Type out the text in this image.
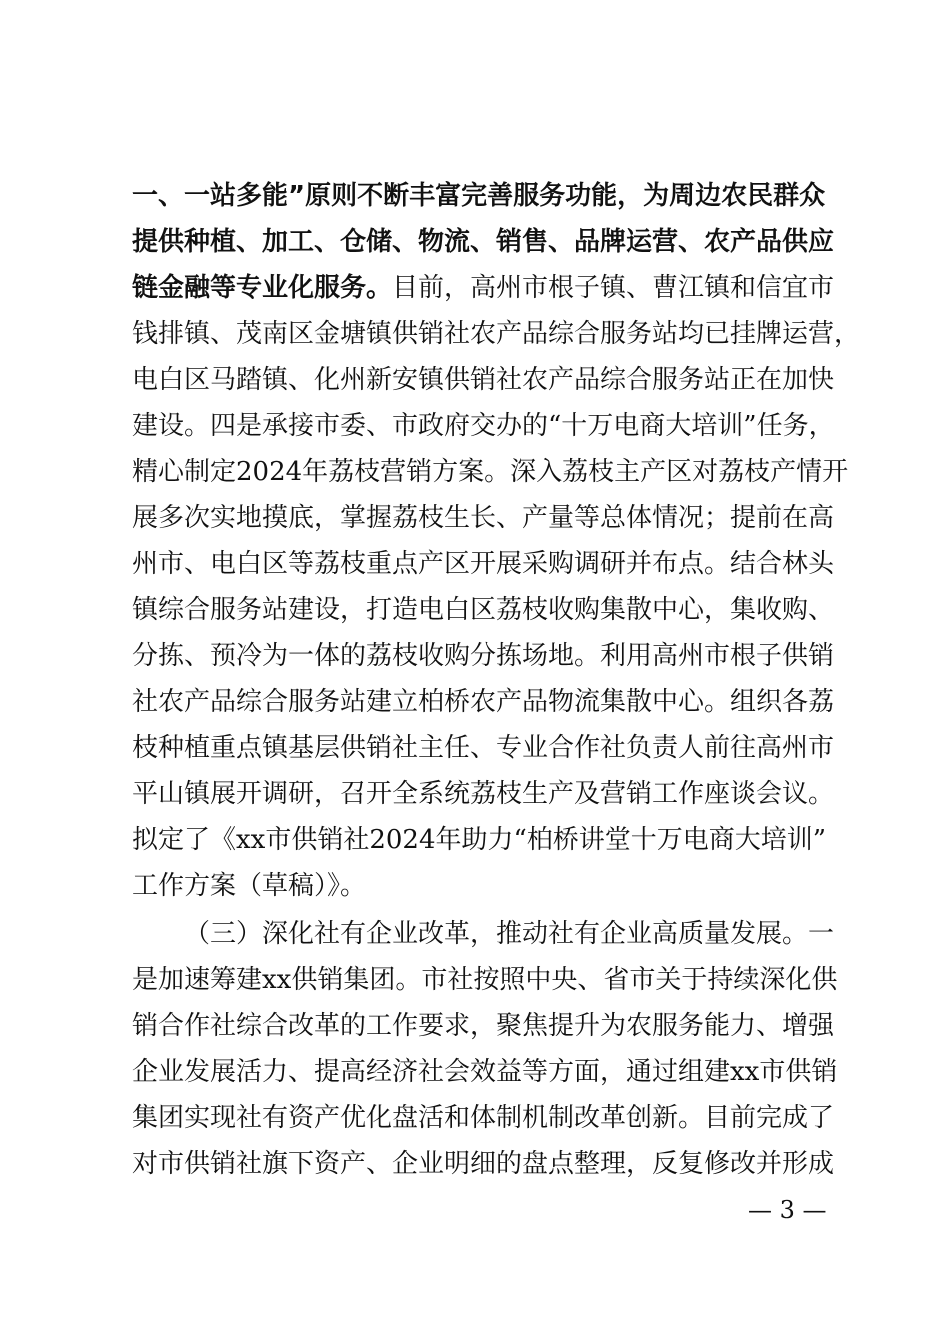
一、一站多能”原则不断丰富完善服务功能，为周边农民群众
提供种植、加工、仓储、物流、销售、品牌运营、农产品供应
链金融等专业化服务。目前，高州市根子镇、曹江镇和信宜市
钱排镇、茂南区金塘镇供销社农产品综合服务站均已挂牌运营，
电白区马踏镇、化州新安镇供销社农产品综合服务站正在加快
建设。四是承接市委、市政府交办的“十万电商大培训”任务，
精心制定2024年荔枝营销方案。深入荔枝主产区对荔枝产情开
展多次实地摸底，掌握荔枝生长、产量等总体情况；提前在高
州市、电白区等荔枝重点产区开展采购调研并布点。结合林头
镇综合服务站建设，打造电白区荔枝收购集散中心，集收购、
分拣、预冷为一体的荔枝收购分拣场地。利用高州市根子供销
社农产品综合服务站建立柏桥农产品物流集散中心。组织各荔
枝种植重点镇基层供销社主任、专业合作社负责人前往高州市
平山镇展开调研，召开全系统荔枝生产及营销工作座谈会议。
拟定了《xx市供销社2024年助力“柏桥讲堂十万电商大培训”
工作方案（草稿）》。
（三）深化社有企业改革，推动社有企业高质量发展。一
是加速筹建xx供销集团。市社按照中央、省市关于持续深化供
销合作社综合改革的工作要求，聚焦提升为农服务能力、增强
企业发展活力、提高经济社会效益等方面，通过组建xx市供销
集团实现社有资产优化盘活和体制机制改革创新。目前完成了
对市供销社旗下资产、企业明细的盘点整理，反复修改并形成
— 3 —
